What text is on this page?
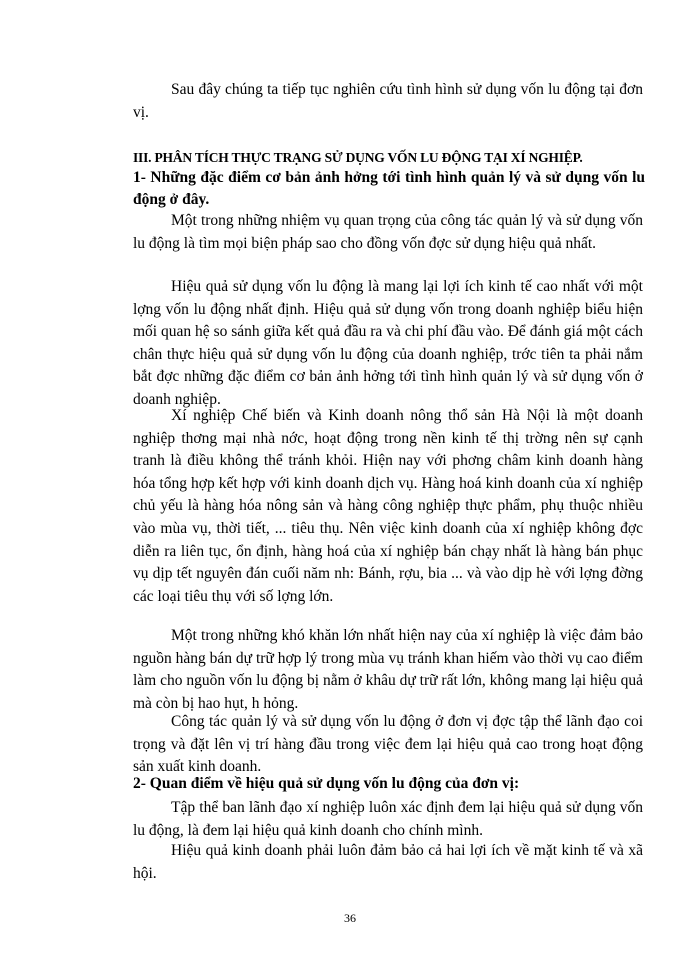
Sau đây chúng ta tiếp tục nghiên cứu tình hình sử dụng vốn lu động tại đơn vị.

III. PHÂN TÍCH THỰC TRẠNG SỬ DỤNG VỐN LU ĐỘNG TẠI XÍ NGHIỆP.

1- Những đặc điểm cơ bản ảnh hởng tới tình hình quản lý và sử dụng vốn lu động ở đây.

Một trong những nhiệm vụ quan trọng của công tác quản lý và sử dụng vốn lu động là tìm mọi biện pháp sao cho đồng vốn đợc sử dụng hiệu quả nhất.

Hiệu quả sử dụng vốn lu động là mang lại lợi ích kinh tế cao nhất với một lợng vốn lu động nhất định. Hiệu quả sử dụng vốn trong doanh nghiệp biểu hiện mối quan hệ so sánh giữa kết quả đầu ra và chi phí đầu vào. Để đánh giá một cách chân thực hiệu quả sử dụng vốn lu động của doanh nghiệp, trớc tiên ta phải nắm bắt đợc những đặc điểm cơ bản ảnh hởng tới tình hình quản lý và sử dụng vốn ở doanh nghiệp.

Xí nghiệp Chế biến và Kinh doanh nông thổ sản Hà Nội là một doanh nghiệp thơng mại nhà nớc, hoạt động trong nền kinh tế thị trờng nên sự cạnh tranh là điều không thể tránh khỏi. Hiện nay với phơng châm kinh doanh hàng hóa tổng hợp kết hợp với kinh doanh dịch vụ. Hàng hoá kinh doanh của xí nghiệp chủ yếu là hàng hóa nông sản và hàng công nghiệp thực phẩm, phụ thuộc nhiều vào mùa vụ, thời tiết, ... tiêu thụ. Nên việc kinh doanh của xí nghiệp không đợc diễn ra liên tục, ổn định, hàng hoá của xí nghiệp bán chạy nhất là hàng bán phục vụ dịp tết nguyên đán cuối năm nh: Bánh, rợu, bia ... và vào dịp hè với lợng đờng các loại tiêu thụ với số lợng lớn.

Một trong những khó khăn lớn nhất hiện nay của xí nghiệp là việc đảm bảo nguồn hàng bán dự trữ hợp lý trong mùa vụ tránh khan hiếm vào thời vụ cao điểm làm cho nguồn vốn lu động bị nằm ở khâu dự trữ rất lớn, không mang lại hiệu quả mà còn bị hao hụt, h hỏng.

Công tác quản lý và sử dụng vốn lu động ở đơn vị đợc tập thể lãnh đạo coi trọng và đặt lên vị trí hàng đầu trong việc đem lại hiệu quả cao trong hoạt động sản xuất kinh doanh.

2- Quan điểm về hiệu quả sử dụng vốn lu động của đơn vị:

Tập thể ban lãnh đạo xí nghiệp luôn xác định đem lại hiệu quả sử dụng vốn lu động, là đem lại hiệu quả kinh doanh cho chính mình.

Hiệu quả kinh doanh phải luôn đảm bảo cả hai lợi ích về mặt kinh tế và xã hội.

36
